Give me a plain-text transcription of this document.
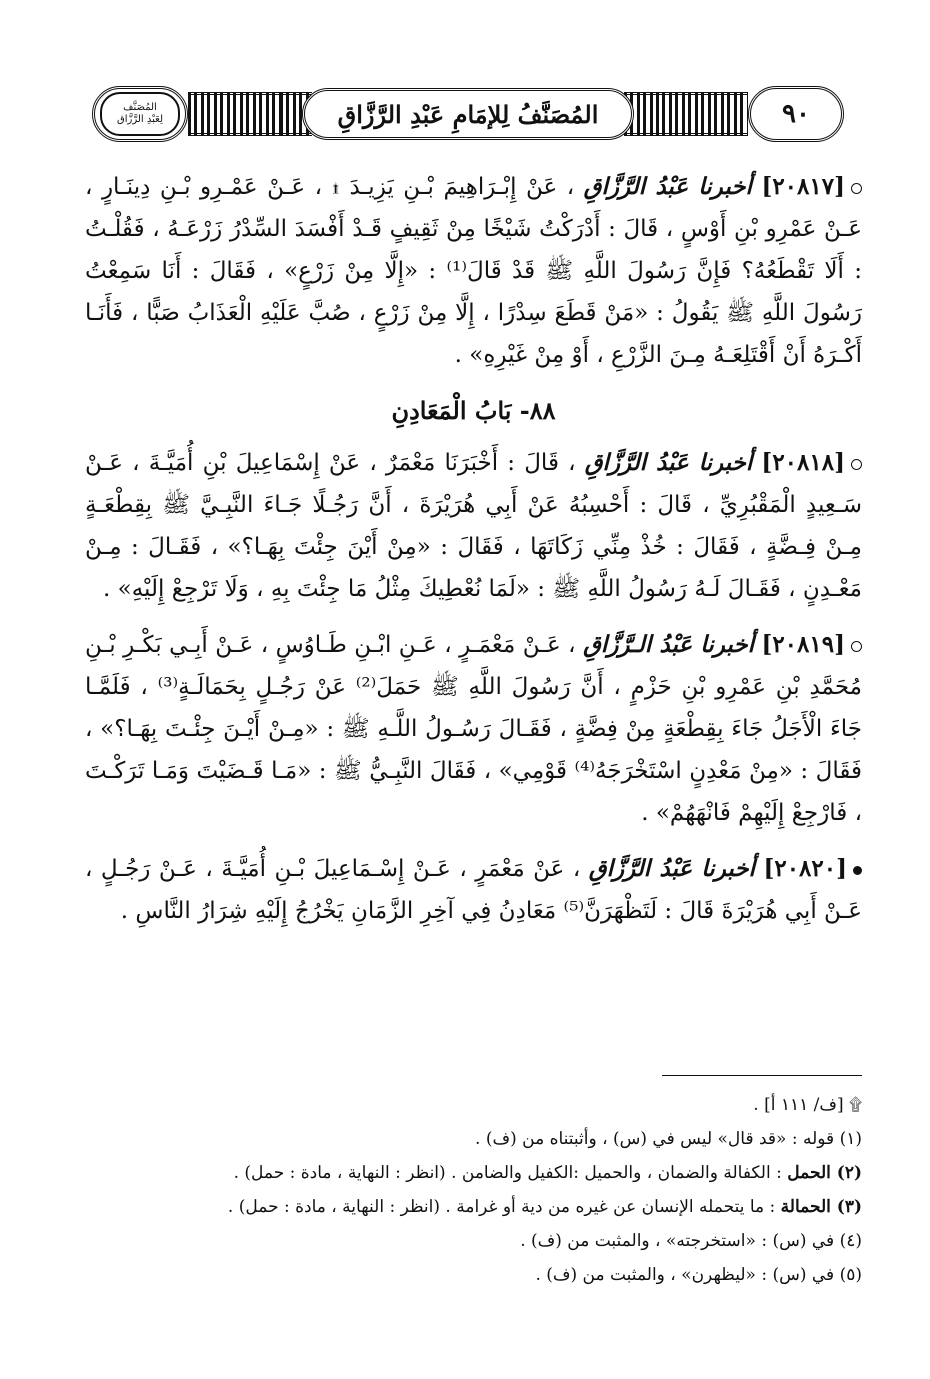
المُصَنَّف
لِعَبْدِ الرَّزَّاق	المُصَنَّفُ لِلإمَامِ عَبْدِ الرَّزَّاقِ	٩٠

[٢٠٨١٧] أخبرنا عَبْدُ الرَّزَّاقِ ، عَنْ إِبْـرَاهِيمَ بْـنِ يَزِيـدَ ۩ ، عَـنْ عَمْـرِو بْـنِ دِينَـارٍ ، عَـنْ عَمْرِو بْنِ أَوْسٍ ، قَالَ : أَدْرَكْتُ شَيْخًا مِنْ ثَقِيفٍ قَـدْ أَفْسَدَ السِّدْرُ زَرْعَـهُ ، فَقُلْـتُ : أَلَا تَقْطَعُهُ؟ فَإِنَّ رَسُولَ اللَّهِ ﷺ قَدْ قَالَ⁽¹⁾ : «إِلَّا مِنْ زَرْعٍ» ، فَقَالَ : أَنَا سَمِعْتُ رَسُولَ اللَّهِ ﷺ يَقُولُ : «مَنْ قَطَعَ سِدْرًا ، إِلَّا مِنْ زَرْعٍ ، صُبَّ عَلَيْهِ الْعَذَابُ صَبًّا ، فَأَنَـا أَكْـرَهُ أَنْ أَقْتَلِعَـهُ مِـنَ الزَّرْعِ ، أَوْ مِنْ غَيْرِهِ» .

٨٨- بَابُ الْمَعَادِنِ

[٢٠٨١٨] أخبرنا عَبْدُ الرَّزَّاقِ ، قَالَ : أَخْبَرَنَا مَعْمَرٌ ، عَنْ إِسْمَاعِيلَ بْنِ أُمَيَّـةَ ، عَـنْ سَـعِيدٍ الْمَقْبُرِيِّ ، قَالَ : أَحْسِبُهُ عَنْ أَبِي هُرَيْرَةَ ، أَنَّ رَجُـلًا جَـاءَ النَّبِـيَّ ﷺ بِقِطْعَـةٍ مِـنْ فِـضَّةٍ ، فَقَالَ : خُذْ مِنِّي زَكَاتَهَا ، فَقَالَ : «مِنْ أَيْنَ جِئْتَ بِهَـا؟» ، فَقَـالَ : مِـنْ مَعْـدِنٍ ، فَقَـالَ لَـهُ رَسُولُ اللَّهِ ﷺ : «لَمَا نُعْطِيكَ مِثْلُ مَا جِئْتَ بِهِ ، وَلَا تَرْجِعْ إِلَيْهِ» .

[٢٠٨١٩] أخبرنا عَبْدُ الـرَّزَّاقِ ، عَـنْ مَعْمَـرٍ ، عَـنِ ابْـنِ طَـاوُسٍ ، عَـنْ أَبِـي بَكْـرِ بْـنِ مُحَمَّدِ بْنِ عَمْرِو بْنِ حَزْمٍ ، أَنَّ رَسُولَ اللَّهِ ﷺ حَمَلَ⁽²⁾ عَنْ رَجُـلٍ بِحَمَالَـةٍ⁽³⁾ ، فَلَمَّـا جَاءَ الْأَجَلُ جَاءَ بِقِطْعَةٍ مِنْ فِضَّةٍ ، فَقَـالَ رَسُـولُ اللَّـهِ ﷺ : «مِـنْ أَيْـنَ جِئْـتَ بِهَـا؟» ، فَقَالَ : «مِنْ مَعْدِنٍ اسْتَخْرَجَهُ⁽⁴⁾ قَوْمِي» ، فَقَالَ النَّبِـيُّ ﷺ : «مَـا قَـضَيْتَ وَمَـا تَرَكْـتَ ، فَارْجِعْ إِلَيْهِمْ فَانْهَهُمْ» .

[٢٠٨٢٠] أخبرنا عَبْدُ الرَّزَّاقِ ، عَنْ مَعْمَرٍ ، عَـنْ إِسْـمَاعِيلَ بْـنِ أُمَيَّـةَ ، عَـنْ رَجُـلٍ ، عَـنْ أَبِي هُرَيْرَةَ قَالَ : لَتَظْهَرَنَّ⁽⁵⁾ مَعَادِنُ فِي آخِرِ الزَّمَانِ يَخْرُجُ إِلَيْهِ شِرَارُ النَّاسِ .

۩ [ف/ ١١١ أ] .

(١) قوله : «قد قال» ليس في (س) ، وأثبتناه من (ف) .

(٢) الحمل : الكفالة والضمان ، والحميل :الكفيل والضامن . (انظر : النهاية ، مادة : حمل) .

(٣) الحمالة : ما يتحمله الإنسان عن غيره من دية أو غرامة . (انظر : النهاية ، مادة : حمل) .

(٤) في (س) : «استخرجته» ، والمثبت من (ف) .

(٥) في (س) : «ليظهرن» ، والمثبت من (ف) .
